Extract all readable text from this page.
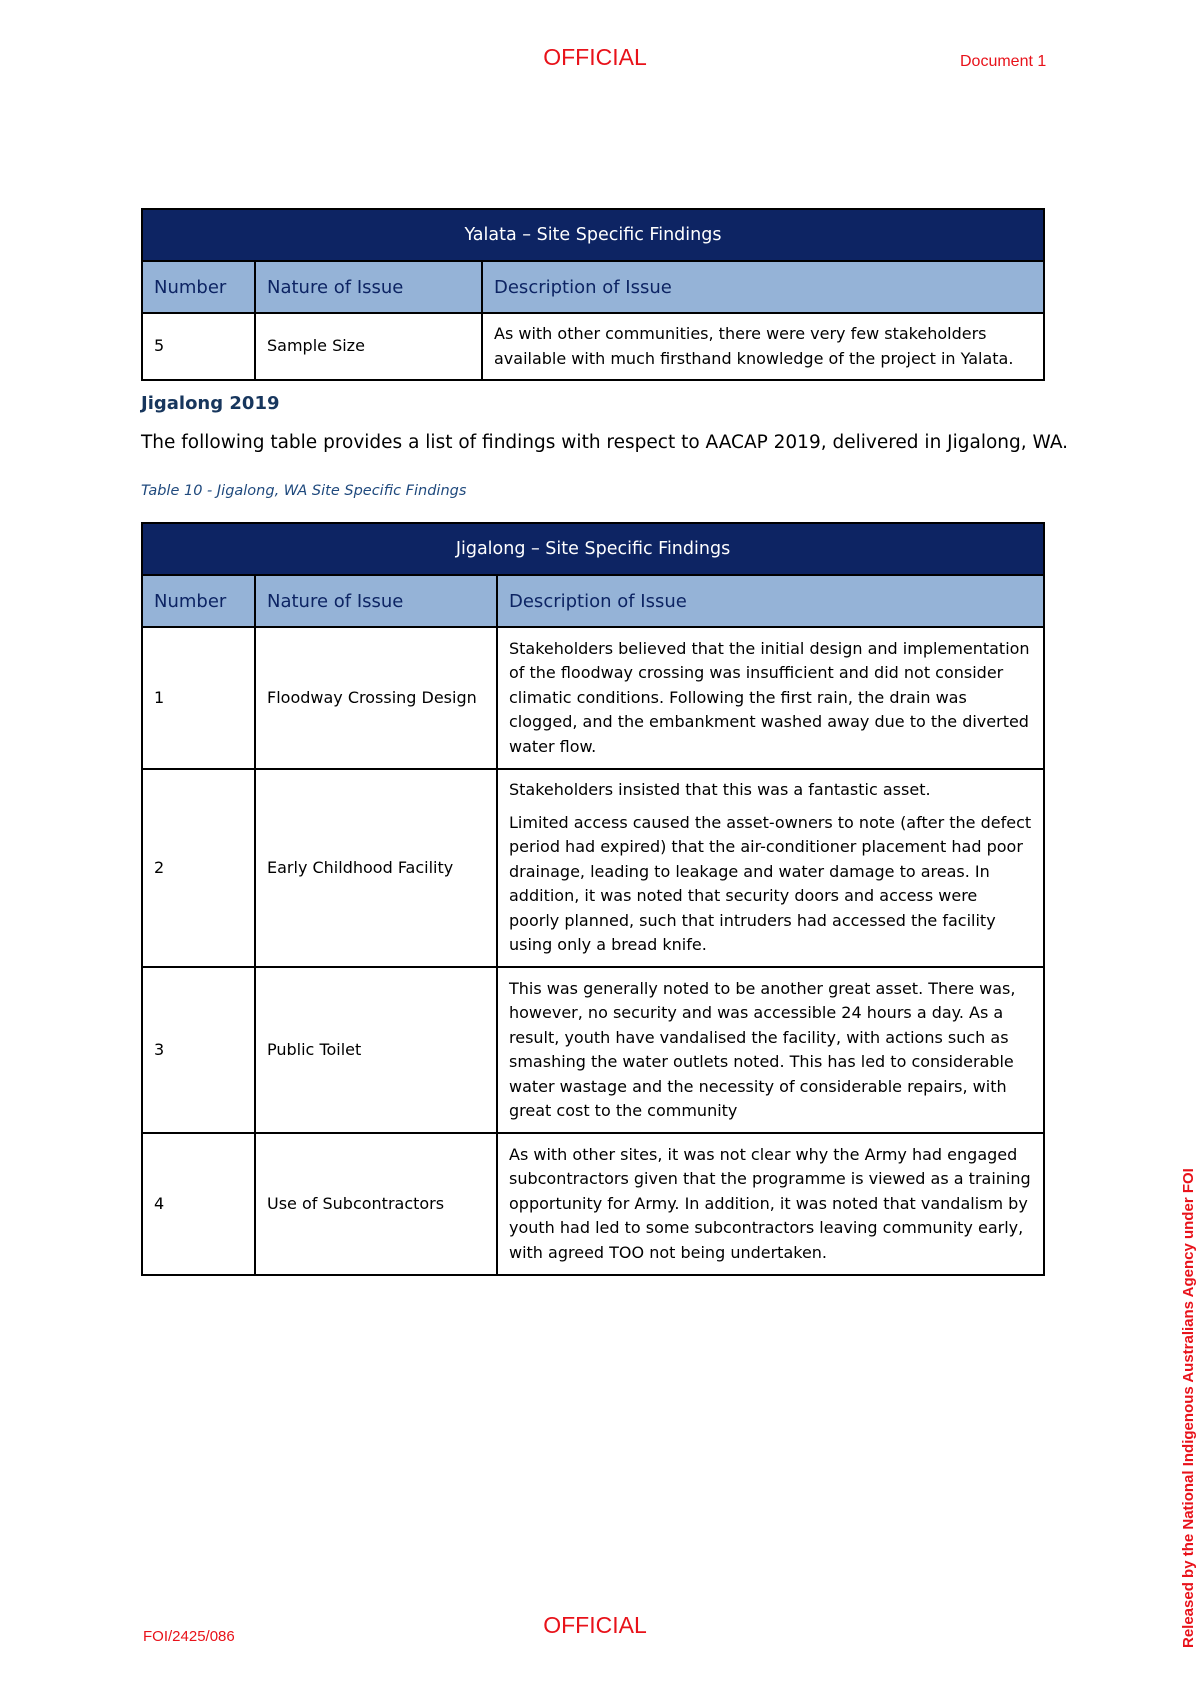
OFFICIAL	Document 1
Yalata – Site Specific Findings		
Number	Nature of Issue	Description of Issue
5	Sample Size	As with other communities, there were very few stakeholders available with much firsthand knowledge of the project in Yalata.

Jigalong 2019
The following table provides a list of findings with respect to AACAP 2019, delivered in Jigalong, WA.
Table 10 - Jigalong, WA Site Specific Findings
Jigalong – Site Specific Findings		
Number	Nature of Issue	Description of Issue
1	Floodway Crossing Design	Stakeholders believed that the initial design and implementation of the floodway crossing was insufficient and did not consider climatic conditions. Following the first rain, the drain was clogged, and the embankment washed away due to the diverted water flow.

2	Early Childhood Facility	Stakeholders insisted that this was a fantastic asset.

Limited access caused the asset-owners to note (after the defect period had expired) that the air-conditioner placement had poor drainage, leading to leakage and water damage to areas. In addition, it was noted that security doors and access were poorly planned, such that intruders had accessed the facility using only a bread knife.

3	Public Toilet	This was generally noted to be another great asset. There was, however, no security and was accessible 24 hours a day. As a result, youth have vandalised the facility, with actions such as smashing the water outlets noted. This has led to considerable water wastage and the necessity of considerable repairs, with great cost to the community

4	Use of Subcontractors	As with other sites, it was not clear why the Army had engaged subcontractors given that the programme is viewed as a training opportunity for Army. In addition, it was noted that vandalism by youth had led to some subcontractors leaving community early, with agreed TOO not being undertaken.

OFFICIAL
FOI/2425/086	Released by the National Indigenous Australians Agency under FOI
